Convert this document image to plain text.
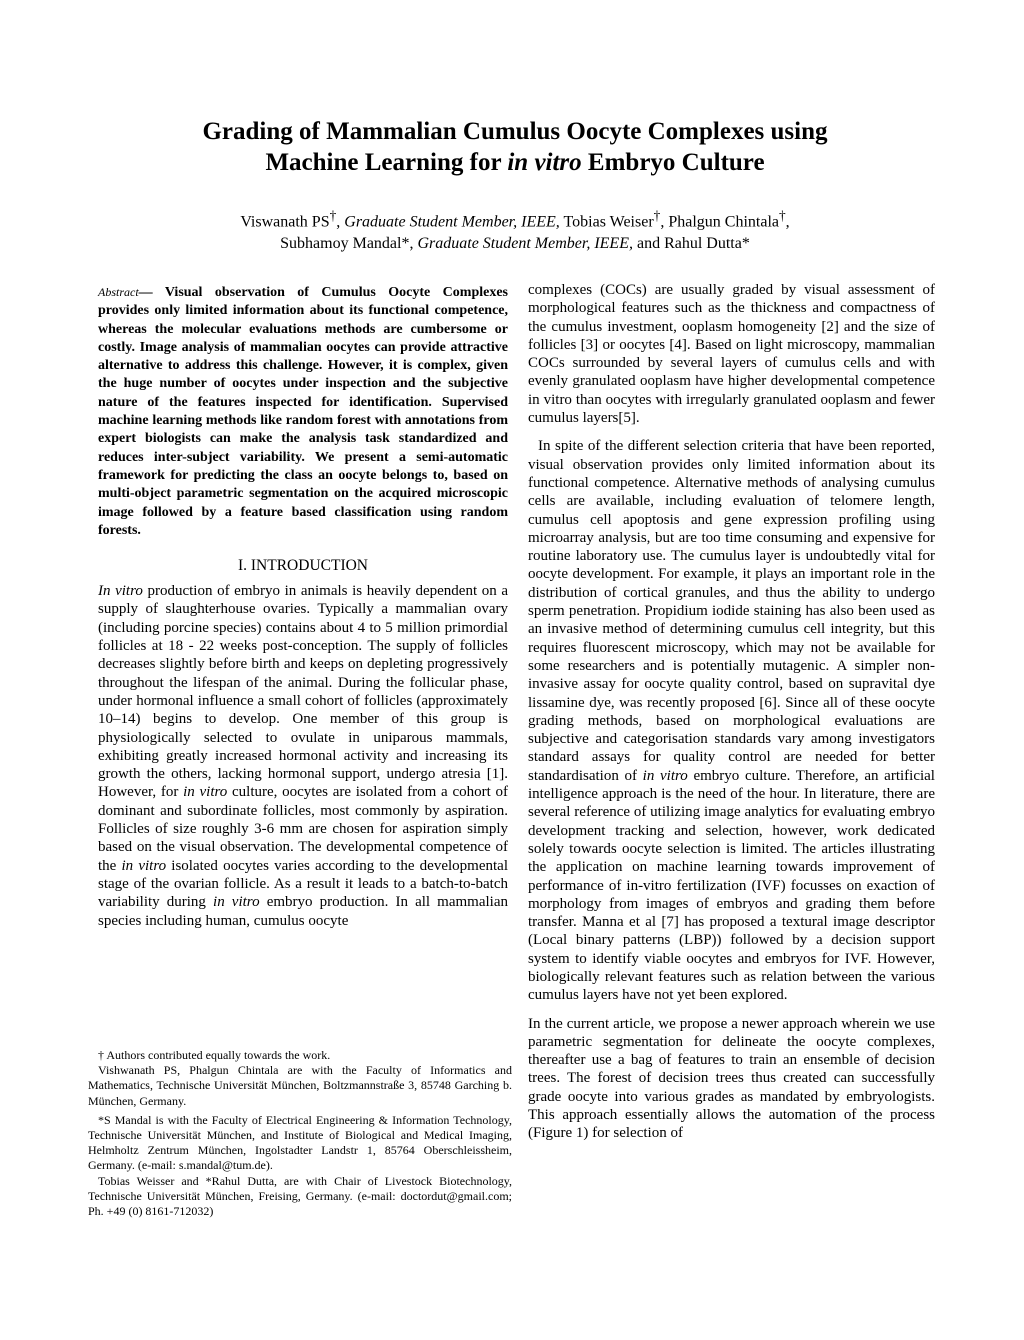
Grading of Mammalian Cumulus Oocyte Complexes using
Machine Learning for in vitro Embryo Culture
Viswanath PS†, Graduate Student Member, IEEE, Tobias Weiser†, Phalgun Chintala†,
Subhamoy Mandal*, Graduate Student Member, IEEE, and Rahul Dutta*

Abstract— Visual observation of Cumulus Oocyte Complexes provides only limited information about its functional competence, whereas the molecular evaluations methods are cumbersome or costly. Image analysis of mammalian oocytes can provide attractive alternative to address this challenge. However, it is complex, given the huge number of oocytes under inspection and the subjective nature of the features inspected for identification. Supervised machine learning methods like random forest with annotations from expert biologists can make the analysis task standardized and reduces inter-subject variability. We present a semi-automatic framework for predicting the class an oocyte belongs to, based on multi-object parametric segmentation on the acquired microscopic image followed by a feature based classification using random forests.

I. INTRODUCTION

In vitro production of embryo in animals is heavily dependent on a supply of slaughterhouse ovaries. Typically a mammalian ovary (including porcine species) contains about 4 to 5 million primordial follicles at 18 - 22 weeks post-conception. The supply of follicles decreases slightly before birth and keeps on depleting progressively throughout the lifespan of the animal. During the follicular phase, under hormonal influence a small cohort of follicles (approximately 10–14) begins to develop. One member of this group is physiologically selected to ovulate in uniparous mammals, exhibiting greatly increased hormonal activity and increasing its growth the others, lacking hormonal support, undergo atresia [1]. However, for in vitro culture, oocytes are isolated from a cohort of dominant and subordinate follicles, most commonly by aspiration. Follicles of size roughly 3-6 mm are chosen for aspiration simply based on the visual observation. The developmental competence of the in vitro isolated oocytes varies according to the developmental stage of the ovarian follicle. As a result it leads to a batch-to-batch variability during in vitro embryo production. In all mammalian species including human, cumulus oocyte

† Authors contributed equally towards the work.

Vishwanath PS, Phalgun Chintala are with the Faculty of Informatics and Mathematics, Technische Universität München, Boltzmannstraße 3, 85748 Garching b. München, Germany.

*S Mandal is with the Faculty of Electrical Engineering & Information Technology, Technische Universität München, and Institute of Biological and Medical Imaging, Helmholtz Zentrum München, Ingolstadter Landstr 1, 85764 Oberschleissheim, Germany. (e-mail: s.mandal@tum.de).

Tobias Weisser and *Rahul Dutta, are with Chair of Livestock Biotechnology, Technische Universität München, Freising, Germany. (e-mail: doctordut@gmail.com; Ph. +49 (0) 8161-712032)

complexes (COCs) are usually graded by visual assessment of morphological features such as the thickness and compactness of the cumulus investment, ooplasm homogeneity [2] and the size of follicles [3] or oocytes [4]. Based on light microscopy, mammalian COCs surrounded by several layers of cumulus cells and with evenly granulated ooplasm have higher developmental competence in vitro than oocytes with irregularly granulated ooplasm and fewer cumulus layers[5].

In spite of the different selection criteria that have been reported, visual observation provides only limited information about its functional competence. Alternative methods of analysing cumulus cells are available, including evaluation of telomere length, cumulus cell apoptosis and gene expression profiling using microarray analysis, but are too time consuming and expensive for routine laboratory use. The cumulus layer is undoubtedly vital for oocyte development. For example, it plays an important role in the distribution of cortical granules, and thus the ability to undergo sperm penetration. Propidium iodide staining has also been used as an invasive method of determining cumulus cell integrity, but this requires fluorescent microscopy, which may not be available for some researchers and is potentially mutagenic. A simpler non-invasive assay for oocyte quality control, based on supravital dye lissamine dye, was recently proposed [6]. Since all of these oocyte grading methods, based on morphological evaluations are subjective and categorisation standards vary among investigators standard assays for quality control are needed for better standardisation of in vitro embryo culture. Therefore, an artificial intelligence approach is the need of the hour. In literature, there are several reference of utilizing image analytics for evaluating embryo development tracking and selection, however, work dedicated solely towards oocyte selection is limited. The articles illustrating the application on machine learning towards improvement of performance of in-vitro fertilization (IVF) focusses on exaction of morphology from images of embryos and grading them before transfer. Manna et al [7] has proposed a textural image descriptor (Local binary patterns (LBP)) followed by a decision support system to identify viable oocytes and embryos for IVF. However, biologically relevant features such as relation between the various cumulus layers have not yet been explored.

In the current article, we propose a newer approach wherein we use parametric segmentation for delineate the oocyte complexes, thereafter use a bag of features to train an ensemble of decision trees. The forest of decision trees thus created can successfully grade oocyte into various grades as mandated by embryologists. This approach essentially allows the automation of the process (Figure 1) for selection of
